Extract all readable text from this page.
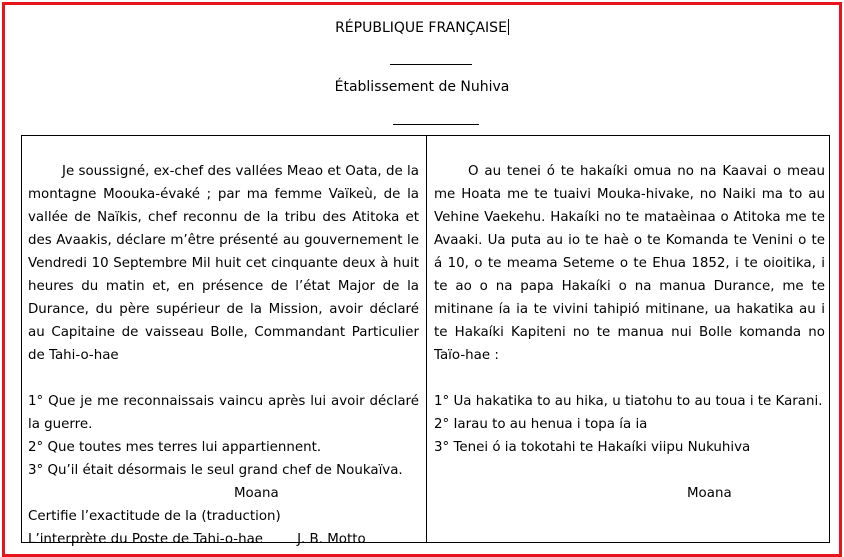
RÉPUBLIQUE FRANÇAISE
Établissement de Nuhiva

Je soussigné, ex-chef des vallées Meao et Oata, de la montagne Moouka-évaké ; par ma femme Vaïkeù, de la vallée de Naïkis, chef reconnu de la tribu des Atitoka et des Avaakis, déclare m’être présenté au gouvernement le Vendredi 10 Septembre Mil huit cet cinquante deux à huit heures du matin et, en présence de l’état Major de la Durance, du père supérieur de la Mission, avoir déclaré au Capitaine de vaisseau Bolle, Commandant Particulier de Tahi-o-hae

1° Que je me reconnaissais vaincu après lui avoir déclaré la guerre.

2° Que toutes mes terres lui appartiennent.

3° Qu’il était désormais le seul grand chef de Noukaïva.

Moana

Certifie l’exactitude de la (traduction)

L’interprète du Poste de Tahi-o-hae	J. B. Motto

O au tenei ó te hakaíki omua no na Kaavai o meau me Hoata me te tuaivi Mouka-hivake, no Naiki ma to au Vehine Vaekehu. Hakaíki no te mataèinaa o Atitoka me te Avaaki. Ua puta au io te haè o te Komanda te Venini o te á 10, o te meama Seteme o te Ehua 1852, i te oioitika, i te ao o na papa Hakaíki o na manua Durance, me te mitinane ía ia te vivini tahipió mitinane, ua hakatika au i te Hakaíki Kapiteni no te manua nui Bolle komanda no Taïo-hae :

1° Ua hakatika to au hika, u tiatohu to au toua i te Karani.

2° Iarau to au henua i topa ía ia

3° Tenei ó ia tokotahi te Hakaíki viipu Nukuhiva

Moana
